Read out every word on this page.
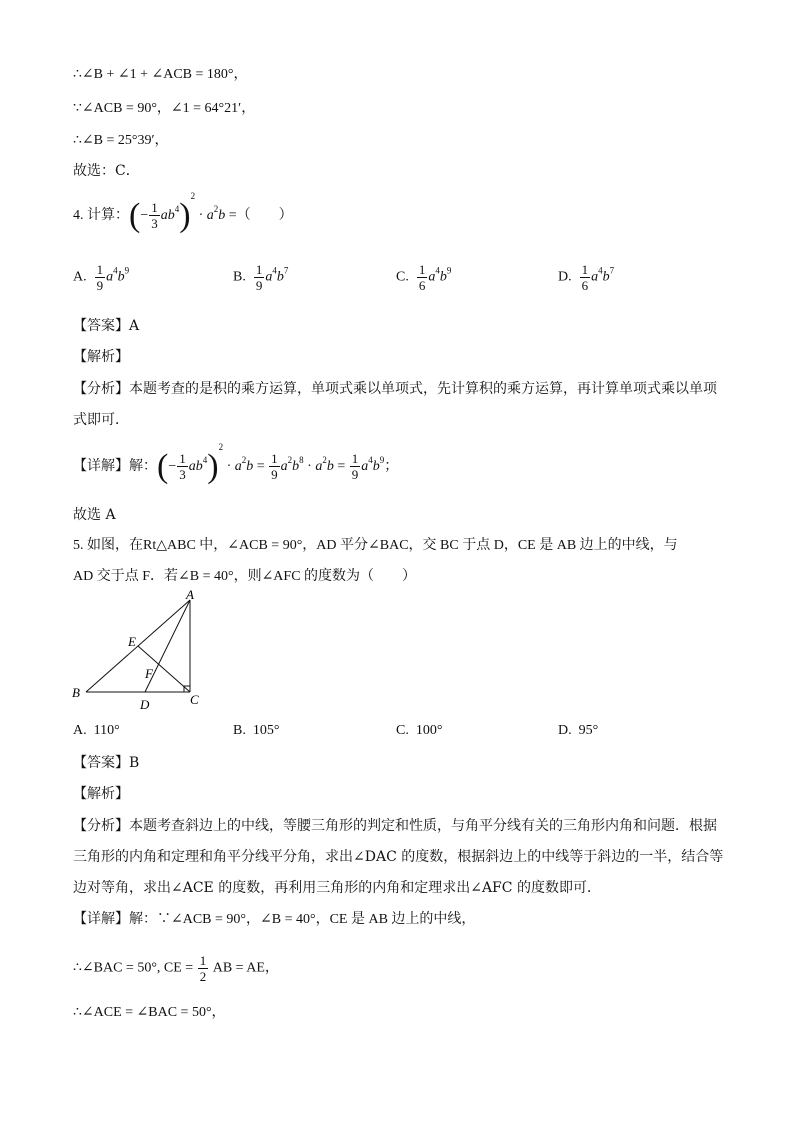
∴∠B + ∠1 + ∠ACB = 180°，
∵∠ACB = 90°，∠1 = 64°21′，
∴∠B = 25°39′，
故选：C．
4. 计算：(− $\frac{1}{3} ab^4)^2 \cdot a^2b$ =（　　）
A. $\frac{1}{9} a^4b^9$	B. $\frac{1}{9} a^4b^7$	C. $\frac{1}{6} a^4b^9$	D. $\frac{1}{6} a^4b^7$
【答案】A
【解析】
【分析】本题考查的是积的乘方运算，单项式乘以单项式，先计算积的乘方运算，再计算单项式乘以单项
式即可．
【详解】解：(− $\frac{1}{3} ab^4)^2 \cdot a^2b = \frac{1}{9} a^2b^8 \cdot a^2b = \frac{1}{9} a^4b^9$；
故选 A
5. 如图，在Rt△ABC 中，∠ACB = 90°，AD 平分∠BAC，交 BC 于点 D，CE 是 AB 边上的中线，与
AD 交于点 F．若∠B = 40°，则∠AFC 的度数为（　　）
A
B	C
D
E
F
A. 110°	B. 105°	C. 100°	D. 95°
【答案】B
【解析】
【分析】本题考查斜边上的中线，等腰三角形的判定和性质，与角平分线有关的三角形内角和问题．根据
三角形的内角和定理和角平分线平分角，求出∠DAC 的度数，根据斜边上的中线等于斜边的一半，结合等
边对等角，求出∠ACE 的度数，再利用三角形的内角和定理求出∠AFC 的度数即可．
【详解】解：∵∠ACB = 90°，∠B = 40°，CE 是 AB 边上的中线，
∴∠BAC = 50°, CE = $\frac{1}{2}$ AB = AE，
∴∠ACE = ∠BAC = 50°，
